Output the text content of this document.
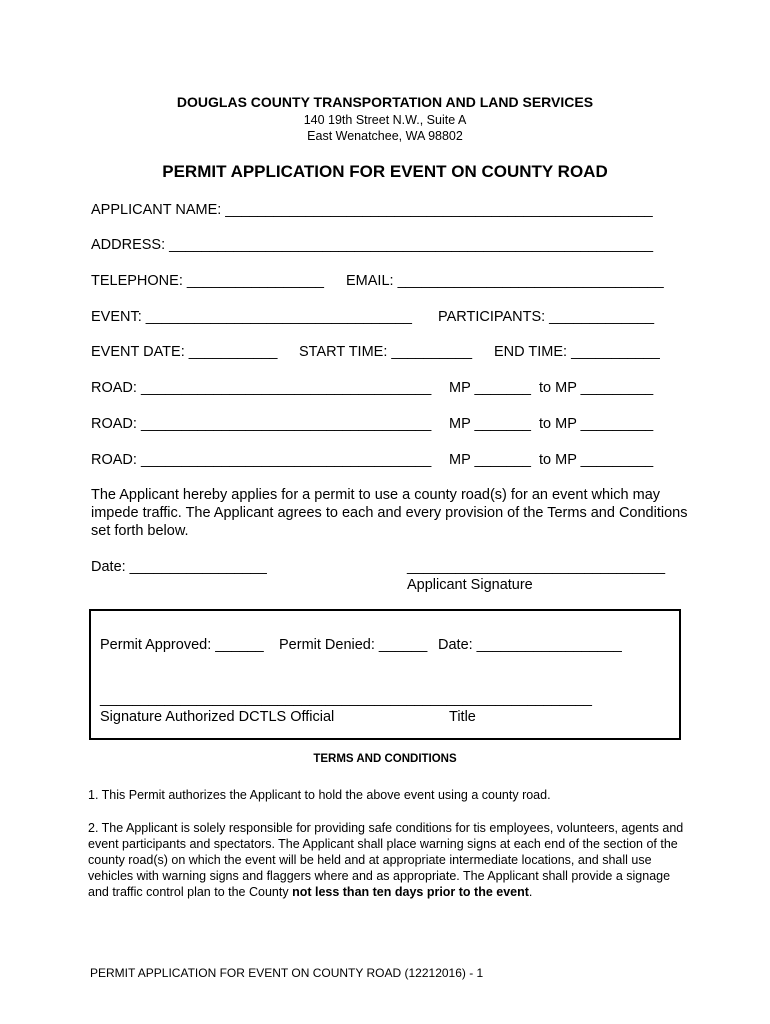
DOUGLAS COUNTY TRANSPORTATION AND LAND SERVICES
140 19th Street N.W., Suite A
East Wenatchee, WA 98802
PERMIT APPLICATION FOR EVENT ON COUNTY ROAD
APPLICANT NAME: _____________________________________________________
ADDRESS: ____________________________________________________________
TELEPHONE: _________________ EMAIL: _________________________________
EVENT: _________________________________ PARTICIPANTS: _____________
EVENT DATE: ___________ START TIME: __________ END TIME: ___________
ROAD: ____________________________________ MP _______ to MP _________
ROAD: ____________________________________ MP _______ to MP _________
ROAD: ____________________________________ MP _______ to MP _________
The Applicant hereby applies for a permit to use a county road(s) for an event which may impede traffic. The Applicant agrees to each and every provision of the Terms and Conditions set forth below.
Date: _________________	________________________________
Applicant Signature
Permit Approved: ______ Permit Denied: ______ Date: __________________
_____________________________________________________________
Signature Authorized DCTLS Official	Title
TERMS AND CONDITIONS
1. This Permit authorizes the Applicant to hold the above event using a county road.
2. The Applicant is solely responsible for providing safe conditions for tis employees, volunteers, agents and event participants and spectators. The Applicant shall place warning signs at each end of the section of the county road(s) on which the event will be held and at appropriate intermediate locations, and shall use vehicles with warning signs and flaggers where and as appropriate. The Applicant shall provide a signage and traffic control plan to the County not less than ten days prior to the event.
PERMIT APPLICATION FOR EVENT ON COUNTY ROAD (12212016) - 1
